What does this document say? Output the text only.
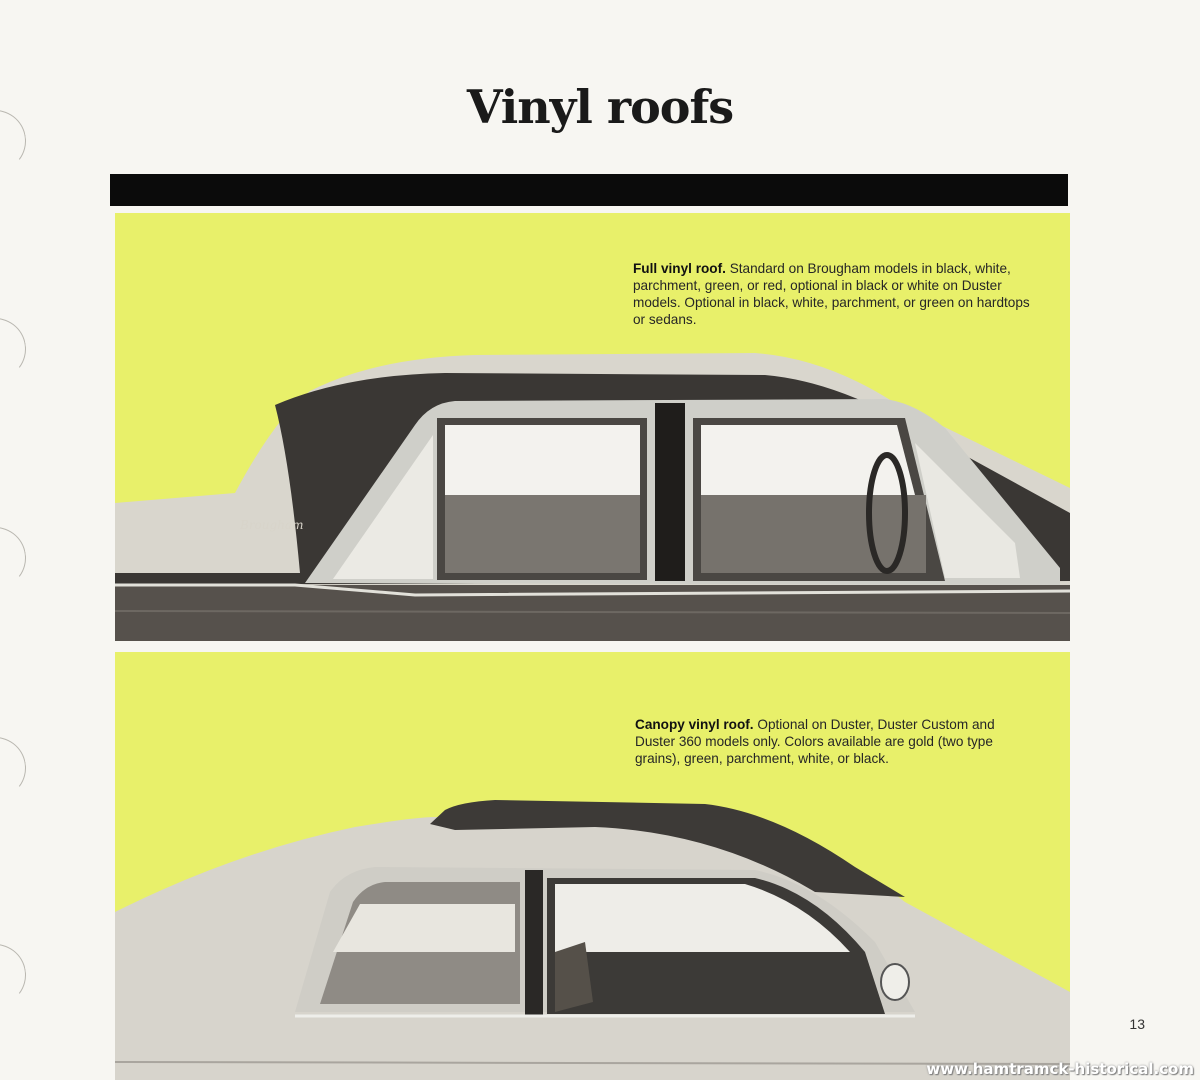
Vinyl roofs
Brougham

Full vinyl roof. Standard on Brougham models in black, white, parchment, green, or red, optional in black or white on Duster models. Optional in black, white, parchment, or green on hardtops or sedans.

Canopy vinyl roof. Optional on Duster, Duster Custom and Duster 360 models only. Colors available are gold (two type grains), green, parchment, white, or black.

13
www.hamtramck-historical.com
